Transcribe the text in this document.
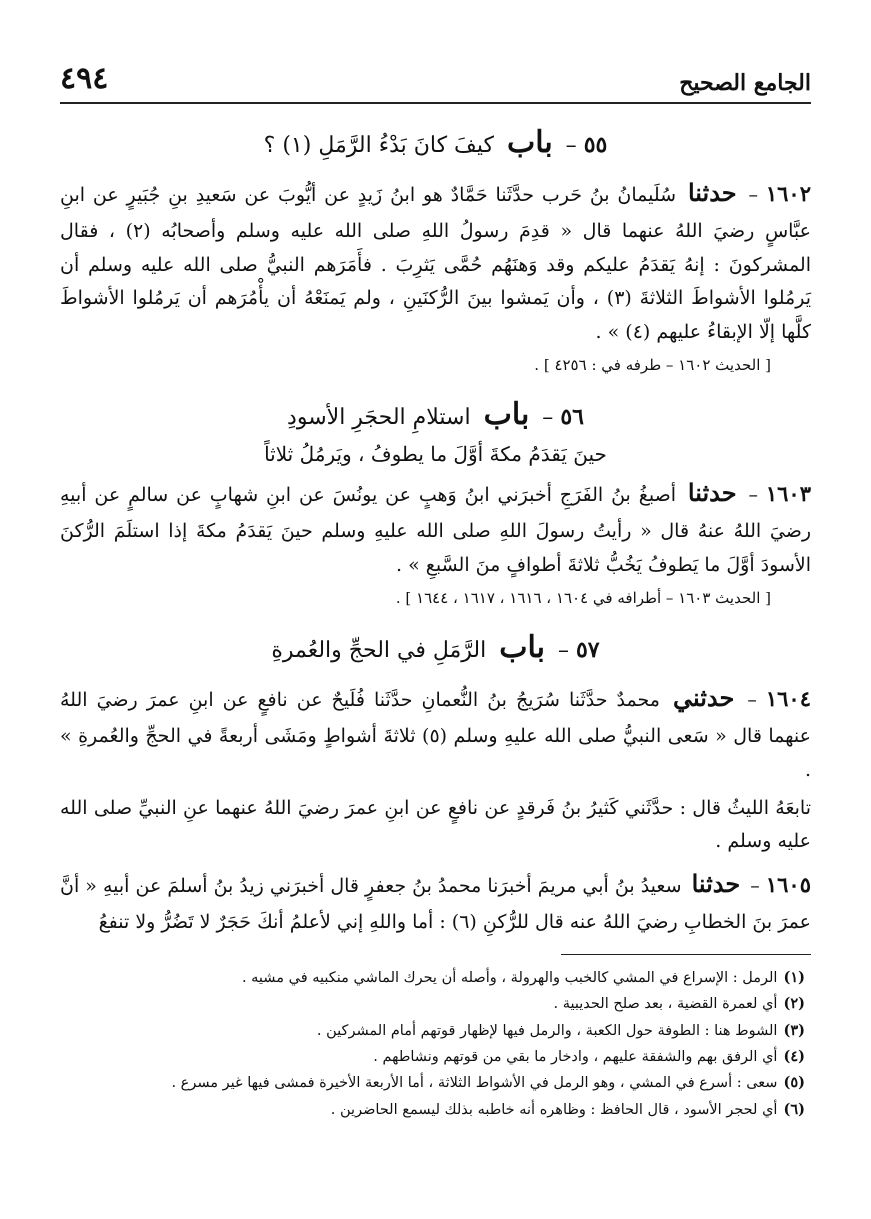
الجامع الصحيح
٤٩٤
٥٥ – باب كيفَ كانَ بَدْءُ الرَّمَلِ (١) ؟

١٦٠٢ – حدثنا سُلَيمانُ بنُ حَرب حدَّثَنا حَمَّادٌ هو ابنُ زَيدٍ عن أيُّوبَ عن سَعيدِ بنِ جُبَيرٍ عن ابنِ عبَّاسٍ رضيَ اللهُ عنهما قال « قدِمَ رسولُ اللهِ صلى الله عليه وسلم وأصحابُه (٢) ، فقال المشركونَ : إنهُ يَقدَمُ عليكم وقد وَهنَهُم حُمَّى يَثرِبَ . فأَمَرَهم النبيُّ صلى الله عليه وسلم أن يَرمُلوا الأشواطَ الثلاثةَ (٣) ، وأن يَمشوا بينَ الرُّكنَينِ ، ولم يَمنَعْهُ أن يأْمُرَهم أن يَرمُلوا الأشواطَ كلَّها إلّا الإبقاءُ عليهم (٤) » .

[ الحديث ١٦٠٢ – طرفه في : ٤٢٥٦ ] .
٥٦ – باب استلامِ الحجَرِ الأسودِ
حينَ يَقدَمُ مكةَ أوَّلَ ما يطوفُ ، ويَرمُلُ ثلاثاً

١٦٠٣ – حدثنا أصبغُ بنُ الفَرَجِ أخبرَني ابنُ وَهبٍ عن يونُسَ عن ابنِ شهابٍ عن سالمٍ عن أبيهِ رضيَ اللهُ عنهُ قال « رأيتُ رسولَ اللهِ صلى الله عليهِ وسلم حينَ يَقدَمُ مكةَ إذا استلَمَ الرُّكنَ الأسودَ أوَّلَ ما يَطوفُ يَخُبُّ ثلاثةَ أطوافٍ منَ السَّبعِ » .

[ الحديث ١٦٠٣ – أطرافه في ١٦٠٤ ، ١٦١٦ ، ١٦١٧ ، ١٦٤٤ ] .
٥٧ – باب الرَّمَلِ في الحجِّ والعُمرةِ

١٦٠٤ – حدثني محمدٌ حدَّثَنا سُرَيجُ بنُ النُّعمانِ حدَّثَنا فُلَيحٌ عن نافعٍ عن ابنِ عمرَ رضيَ اللهُ عنهما قال « سَعى النبيُّ صلى الله عليهِ وسلم (٥) ثلاثةَ أشواطٍ ومَشَى أربعةً في الحجِّ والعُمرةِ » .

تابعَهُ الليثُ قال : حدَّثَني كَثيرُ بنُ فَرقدٍ عن نافعٍ عن ابنِ عمرَ رضيَ اللهُ عنهما عنِ النبيِّ صلى الله عليه وسلم .

١٦٠٥ – حدثنا سعيدُ بنُ أبي مريمَ أخبرَنا محمدُ بنُ جعفرٍ قال أخبرَني زيدُ بنُ أسلمَ عن أبيهِ « أنَّ عمرَ بنَ الخطابِ رضيَ اللهُ عنه قال للرُّكنِ (٦) : أما واللهِ إني لأعلمُ أنكَ حَجَرٌ لا تَضُرُّ ولا تنفعُ

(١)الرمل : الإسراع في المشي كالخبب والهرولة ، وأصله أن يحرك الماشي منكبيه في مشيه .
(٢)أي لعمرة القضية ، بعد صلح الحديبية .
(٣)الشوط هنا : الطوفة حول الكعبة ، والرمل فيها لإظهار قوتهم أمام المشركين .
(٤)أي الرفق بهم والشفقة عليهم ، وادخار ما بقي من قوتهم ونشاطهم .
(٥)سعى : أسرع في المشي ، وهو الرمل في الأشواط الثلاثة ، أما الأربعة الأخيرة فمشى فيها غير مسرع .
(٦)أي لحجر الأسود ، قال الحافظ : وظاهره أنه خاطبه بذلك ليسمع الحاضرين .
